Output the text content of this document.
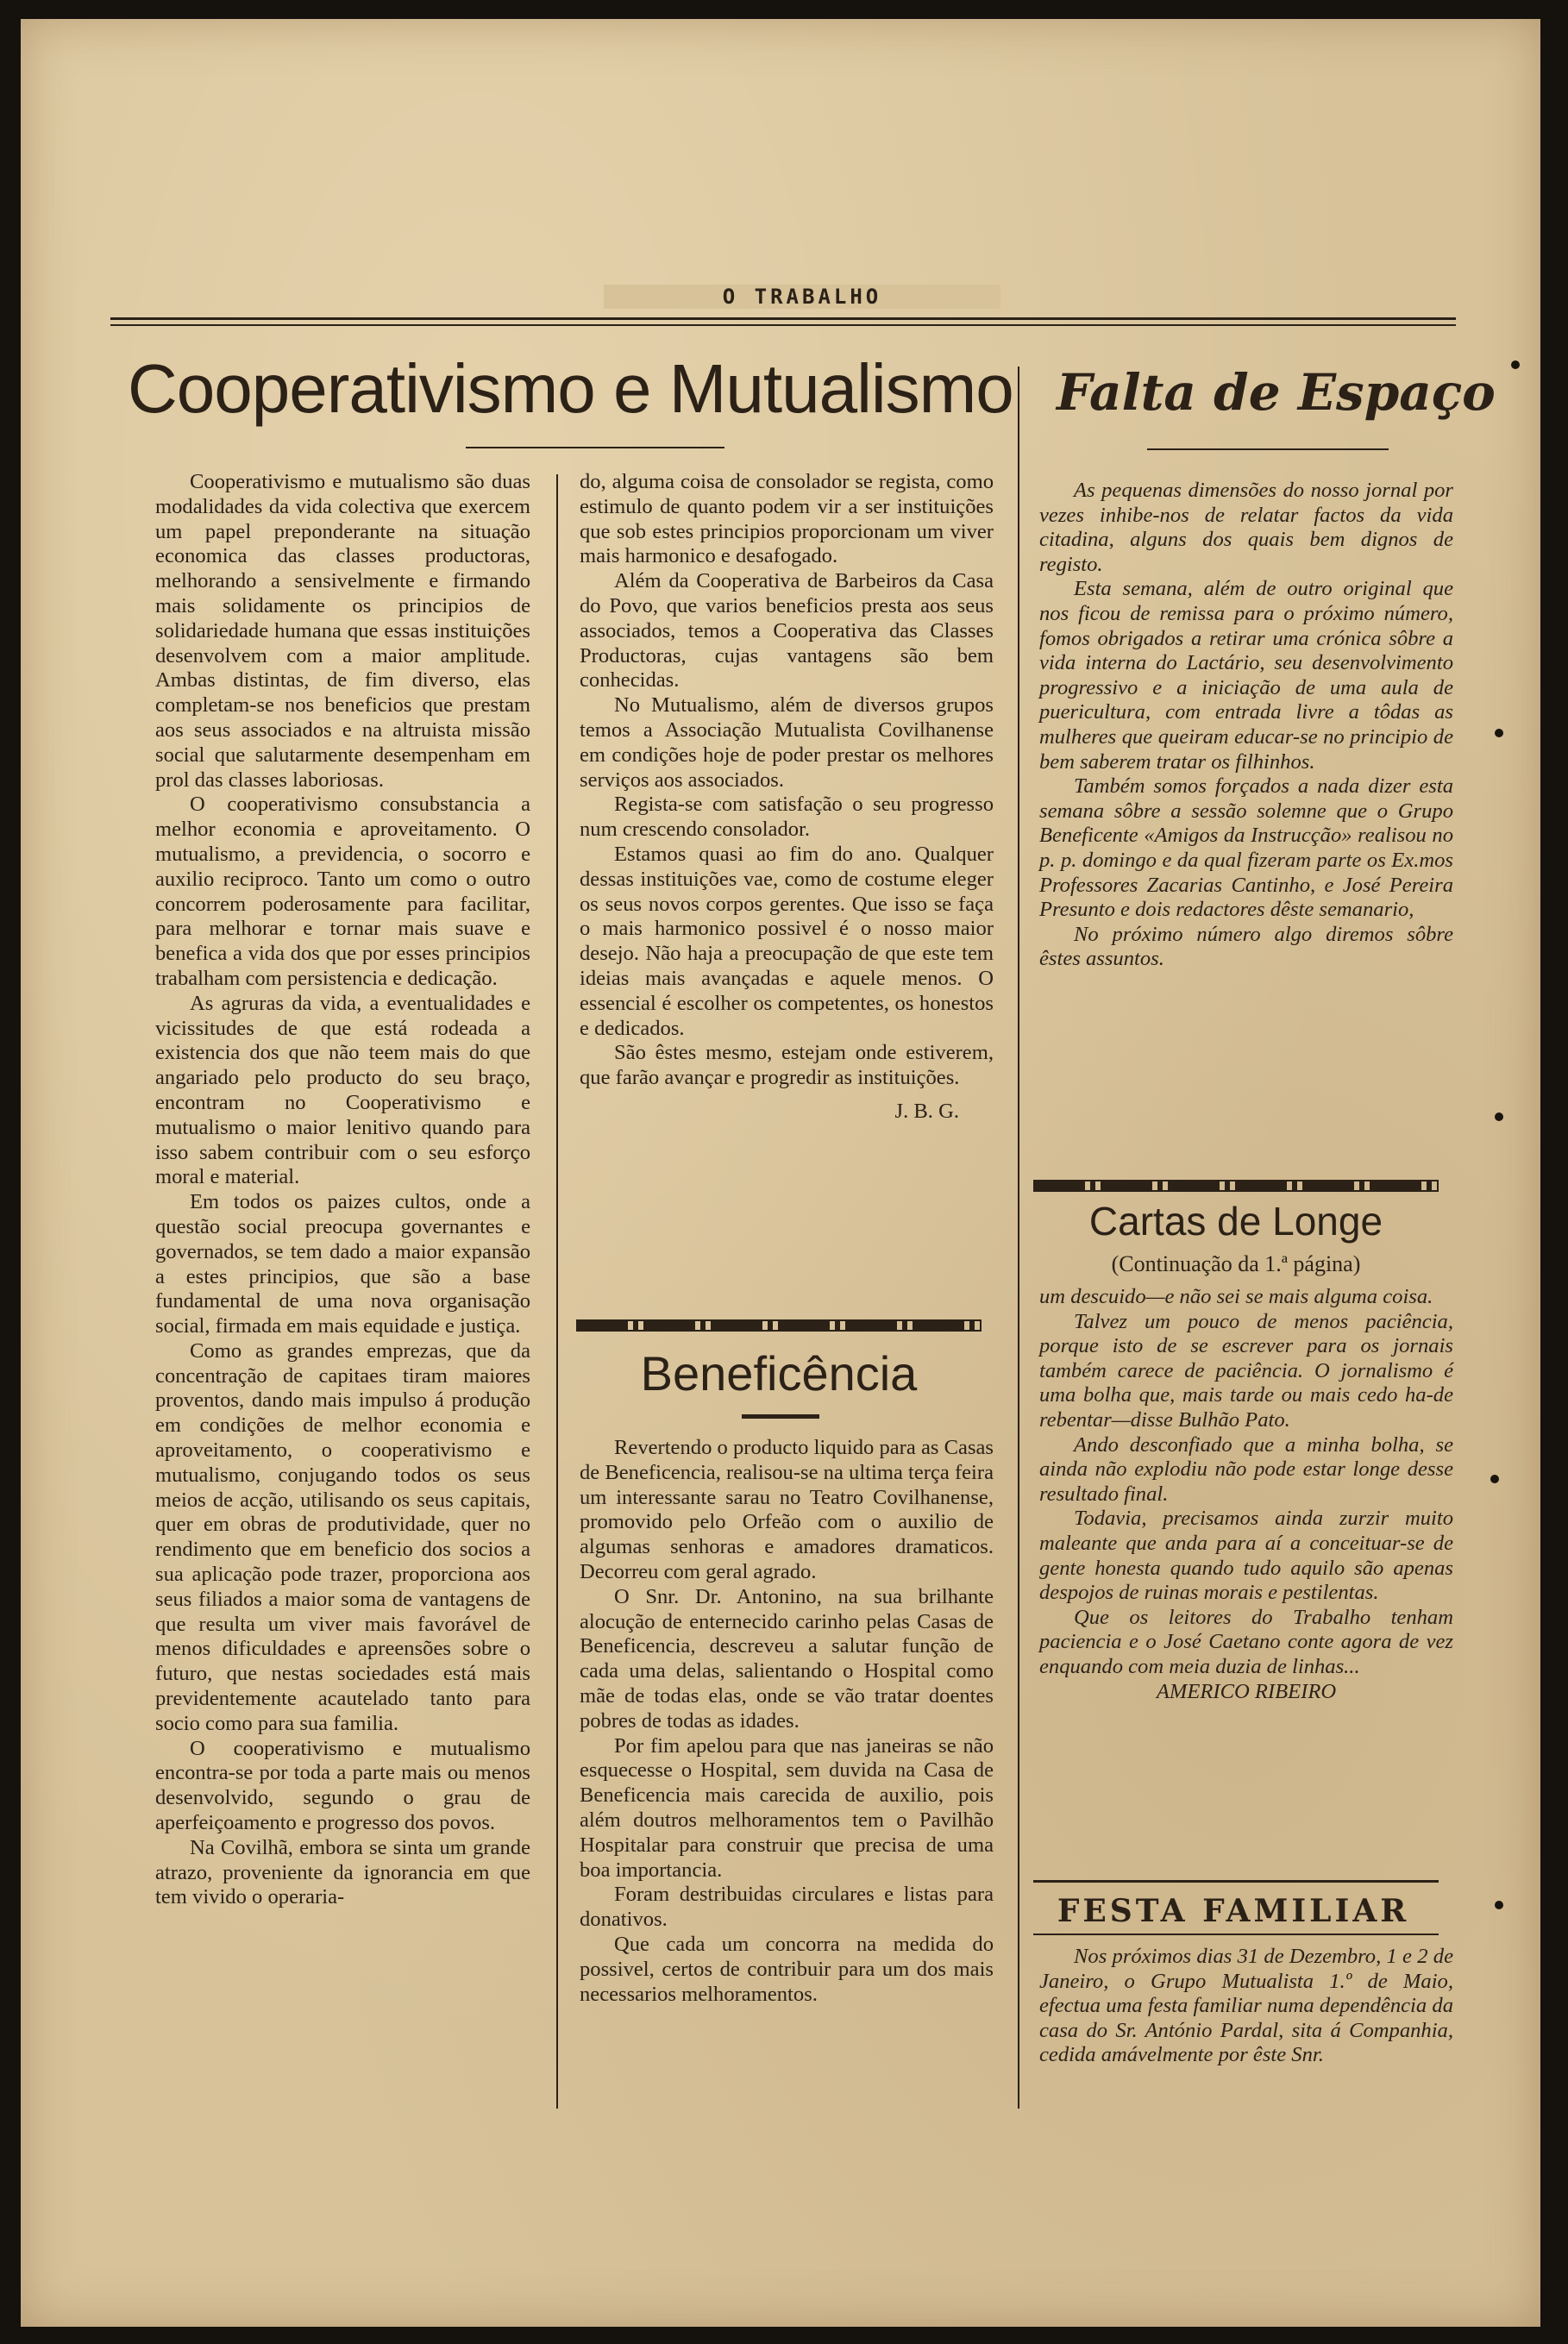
O TRABALHO
Cooperativismo e Mutualismo

Cooperativismo e mutualismo são duas modalidades da vida colectiva que exercem um papel preponderante na situação economica das classes productoras, melhorando a sensivelmente e firmando mais solidamente os principios de solidariedade humana que essas instituições desenvolvem com a maior amplitude. Ambas distintas, de fim diverso, elas completam-se nos beneficios que prestam aos seus associados e na altruista missão social que salutarmente desempenham em prol das classes laboriosas.

O cooperativismo consubstancia a melhor economia e aproveitamento. O mutualismo, a previdencia, o socorro e auxilio reciproco. Tanto um como o outro concorrem poderosamente para facilitar, para melhorar e tornar mais suave e benefica a vida dos que por esses principios trabalham com persistencia e dedicação.

As agruras da vida, a eventualidades e vicissitudes de que está rodeada a existencia dos que não teem mais do que angariado pelo producto do seu braço, encontram no Cooperativismo e mutualismo o maior lenitivo quando para isso sabem contribuir com o seu esforço moral e material.

Em todos os paizes cultos, onde a questão social preocupa governantes e governados, se tem dado a maior expansão a estes principios, que são a base fundamental de uma nova organisação social, firmada em mais equidade e justiça.

Como as grandes emprezas, que da concentração de capitaes tiram maiores proventos, dando mais impulso á produção em condições de melhor economia e aproveitamento, o cooperativismo e mutualismo, conjugando todos os seus meios de acção, utilisando os seus capitais, quer em obras de produtividade, quer no rendimento que em beneficio dos socios a sua aplicação pode trazer, proporciona aos seus filiados a maior soma de vantagens de que resulta um viver mais favorável de menos dificuldades e apreensões sobre o futuro, que nestas sociedades está mais previdentemente acautelado tanto para socio como para sua familia.

O cooperativismo e mutualismo encontra-se por toda a parte mais ou menos desenvolvido, segundo o grau de aperfeiçoamento e progresso dos povos.

Na Covilhã, embora se sinta um grande atrazo, proveniente da ignorancia em que tem vivido o operaria-

do, alguma coisa de consolador se regista, como estimulo de quanto podem vir a ser instituições que sob estes principios proporcionam um viver mais harmonico e desafogado.

Além da Cooperativa de Barbeiros da Casa do Povo, que varios beneficios presta aos seus associados, temos a Cooperativa das Classes Productoras, cujas vantagens são bem conhecidas.

No Mutualismo, além de diversos grupos temos a Associação Mutualista Covilhanense em condições hoje de poder prestar os melhores serviços aos associados.

Regista-se com satisfação o seu progresso num crescendo consolador.

Estamos quasi ao fim do ano. Qualquer dessas instituições vae, como de costume eleger os seus novos corpos gerentes. Que isso se faça o mais harmonico possivel é o nosso maior desejo. Não haja a preocupação de que este tem ideias mais avançadas e aquele menos. O essencial é escolher os competentes, os honestos e dedicados.

São êstes mesmo, estejam onde estiverem, que farão avançar e progredir as instituições.

J. B. G.

Beneficência

Revertendo o producto liquido para as Casas de Beneficencia, realisou-se na ultima terça feira um interessante sarau no Teatro Covilhanense, promovido pelo Orfeão com o auxilio de algumas senhoras e amadores dramaticos. Decorreu com geral agrado.

O Snr. Dr. Antonino, na sua brilhante alocução de enternecido carinho pelas Casas de Beneficencia, descreveu a salutar função de cada uma delas, salientando o Hospital como mãe de todas elas, onde se vão tratar doentes pobres de todas as idades.

Por fim apelou para que nas janeiras se não esquecesse o Hospital, sem duvida na Casa de Beneficencia mais carecida de auxilio, pois além doutros melhoramentos tem o Pavilhão Hospitalar para construir que precisa de uma boa importancia.

Foram destribuidas circulares e listas para donativos.

Que cada um concorra na medida do possivel, certos de contribuir para um dos mais necessarios melhoramentos.

Falta de Espaço

As pequenas dimensões do nosso jornal por vezes inhibe-nos de relatar factos da vida citadina, alguns dos quais bem dignos de registo.

Esta semana, além de outro original que nos ficou de remissa para o próximo número, fomos obrigados a retirar uma crónica sôbre a vida interna do Lactário, seu desenvolvimento progressivo e a iniciação de uma aula de puericultura, com entrada livre a tôdas as mulheres que queiram educar-se no principio de bem saberem tratar os filhinhos.

Também somos forçados a nada dizer esta semana sôbre a sessão solemne que o Grupo Beneficente «Amigos da Instrucção» realisou no p. p. domingo e da qual fizeram parte os Ex.mos Professores Zacarias Cantinho, e José Pereira Presunto e dois redactores dêste semanario,

No próximo número algo diremos sôbre êstes assuntos.

Cartas de Longe
(Continuação da 1.ª página)

um descuido—e não sei se mais alguma coisa.

Talvez um pouco de menos paciência, porque isto de se escrever para os jornais também carece de paciência. O jornalismo é uma bolha que, mais tarde ou mais cedo ha-de rebentar—disse Bulhão Pato.

Ando desconfiado que a minha bolha, se ainda não explodiu não pode estar longe desse resultado final.

Todavia, precisamos ainda zurzir muito maleante que anda para aí a conceituar-se de gente honesta quando tudo aquilo são apenas despojos de ruinas morais e pestilentas.

Que os leitores do Trabalho tenham paciencia e o José Caetano conte agora de vez enquando com meia duzia de linhas...

AMERICO RIBEIRO

FESTA FAMILIAR

Nos próximos dias 31 de Dezembro, 1 e 2 de Janeiro, o Grupo Mutualista 1.º de Maio, efectua uma festa familiar numa dependência da casa do Sr. António Pardal, sita á Companhia, cedida amávelmente por êste Snr.
